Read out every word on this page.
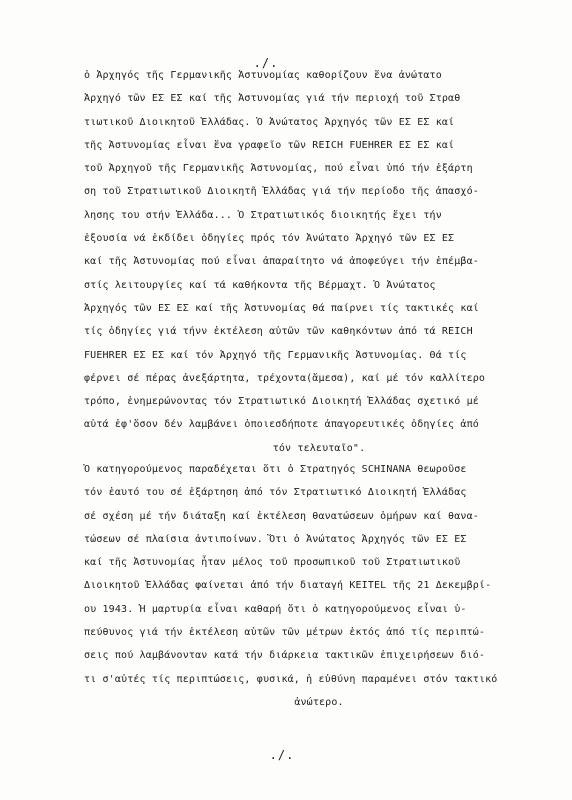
./.
ὁ Ἀρχηγός τῆς Γερμανικῆς Ἀστυνομίας καθορίζουν ἕνα ἀνώτατο
Ἀρχηγό τῶν ΕΣ ΕΣ καί τῆς Ἀστυνομίας γιά τήν περιοχή τοῦ Στραθ
τιωτικοῦ Διοικητοῦ Ἑλλάδας. Ὁ Ἀνώτατος Ἀρχηγός τῶν ΕΣ ΕΣ καί
τῆς Ἀστυνομίας εἶναι ἕνα γραφεῖο τῶν REICH FUEHRER ΕΣ ΕΣ καί
τοῦ Ἀρχηγοῦ τῆς Γερμανικῆς Ἀστυνομίας, πού εἶναι ὑπό τήν ἐξάρτη
ση τοῦ Στρατιωτικοῦ Διοικητῆ Ἑλλάδας γιά τήν περίοδο τῆς ἀπασχό-
λησης του στήν Ἑλλάδα... Ὁ Στρατιωτικός διοικητής ἔχει τήν
ἐξουσία νά ἐκδίδει ὁδηγίες πρός τόν Ἀνώτατο Ἀρχηγό τῶν ΕΣ ΕΣ
καί τῆς Ἀστυνομίας πού εἶναι ἀπαραίτητο νά ἀποφεύγει τήν ἐπέμβα-
στίς λειτουργίες καί τά καθήκοντα τῆς Βέρμαχτ. Ὁ Ἀνώτατος
Ἀρχηγός τῶν ΕΣ ΕΣ καί τῆς Ἀστυνομίας θά παίρνει τίς τακτικές καί
τίς ὁδηγίες γιά τήνν ἐκτέλεση αὐτῶν τῶν καθηκόντων ἀπό τά REICH
FUEHRER ΕΣ ΕΣ καί τόν Ἀρχηγό τῆς Γερμανικῆς Ἀστυνομίας. Θά τίς
φέρνει σέ πέρας ἀνεξάρτητα, τρέχοντα(ἄμεσα), καί μέ τόν καλλίτερο
τρόπο, ἐνημερώνοντας τόν Στρατιωτικό Διοικητή Ἑλλάδας σχετικό μέ
αὐτά ἐφ'ὅσον δέν λαμβάνει ὁποιεσδήποτε ἀπαγορευτικές ὁδηγίες ἀπό
τόν τελευταῖο".
Ὁ κατηγορούμενος παραδέχεται ὅτι ὁ Στρατηγός SCHINANA θεωροῦσε
τόν ἑαυτό του σέ ἐξάρτηση ἀπό τόν Στρατιωτικό Διοικητή Ἑλλάδας
σέ σχέση μέ τήν διάταξη καί ἐκτέλεση θανατώσεων ὁμήρων καί θανα-
τώσεων σέ πλαίσια ἀντιποίνων. Ὅτι ὁ Ἀνώτατος Ἀρχηγός τῶν ΕΣ ΕΣ
καί τῆς Ἀστυνομίας ἦταν μέλος τοῦ προσωπικοῦ τοῦ Στρατιωτικοῦ
Διοικητοῦ Ἑλλάδας φαίνεται ἀπό τήν διαταγή KEITEL τῆς 21 Δεκεμβρί-
ου 1943. Ἡ μαρτυρία εἶναι καθαρή ὅτι ὁ κατηγορούμενος εἶναι ὑ-
πεύθυνος γιά τήν ἐκτέλεση αὐτῶν τῶν μέτρων ἐκτός ἀπό τίς περιπτώ-
σεις πού λαμβάνονταν κατά τήν διάρκεια τακτικῶν ἐπιχειρήσεων διό-
τι σ'αὐτές τίς περιπτώσεις, φυσικά, ἡ εὐθύνη παραμένει στόν τακτικό
ἀνώτερο.
./.
